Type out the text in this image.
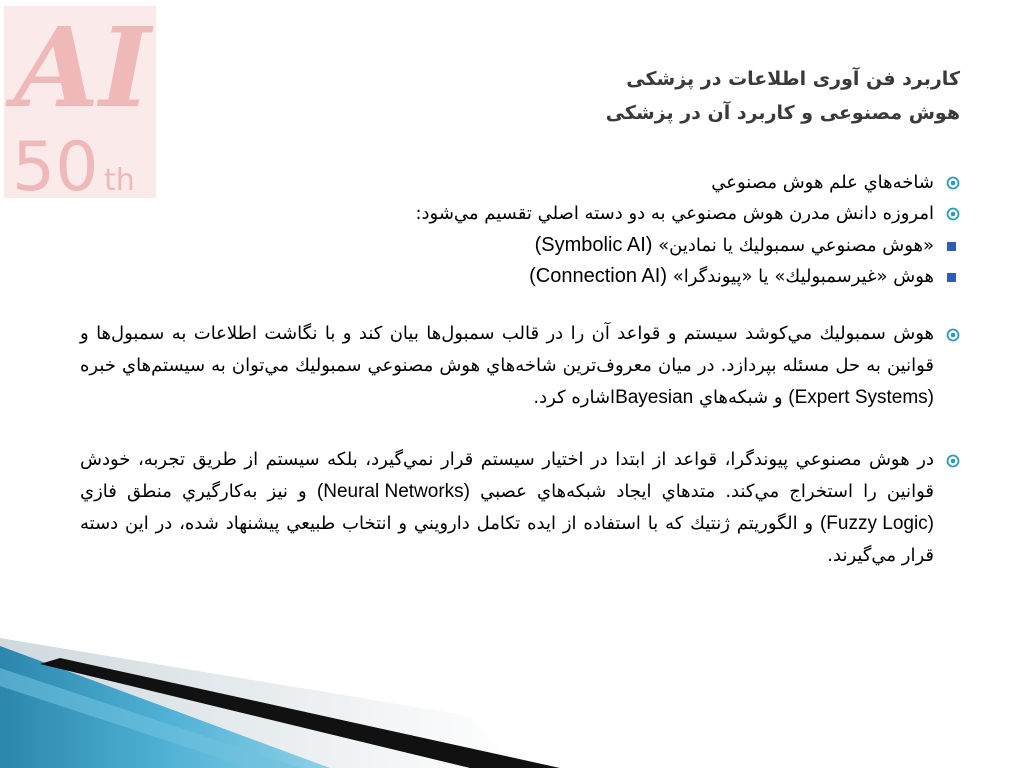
AI
50 th
کاربرد فن آوری اطلاعات در پزشکی
هوش مصنوعی و کاربرد آن در پزشکی
شاخه‌هاي علم هوش مصنوعي
امروزه دانش مدرن هوش مصنوعي به دو دسته اصلي تقسيم مي‌شود:
«هوش مصنوعي سمبوليك يا نمادين» (Symbolic AI)
هوش «غيرسمبوليك» يا «پيوندگرا» (Connection AI)
هوش سمبوليك مي‌كوشد سيستم و قواعد آن را در قالب سمبول‌ها بيان كند و با نگاشت اطلاعات به سمبول‌ها و قوانين به حل مسئله بپردازد. در ميان معروف‌ترين شاخه‌هاي هوش مصنوعي سمبوليك مي‌توان به سيستم‌هاي خبره (Expert Systems) و شبكه‌هاي Bayesianاشاره كرد.
در هوش مصنوعي پيوندگرا، قواعد از ابتدا در اختيار سيستم قرار نمي‌گيرد، بلكه سيستم از طريق تجربه، خودش قوانين را استخراج مي‌كند. متدهاي ايجاد شبكه‌هاي عصبي (Neural Networks) و نيز به‌كارگيري منطق فازي (Fuzzy Logic) و الگوريتم ژنتيك كه با استفاده از ايده تكامل دارويني و انتخاب طبيعي پيشنهاد شده، در اين دسته قرار مي‌گيرند.
